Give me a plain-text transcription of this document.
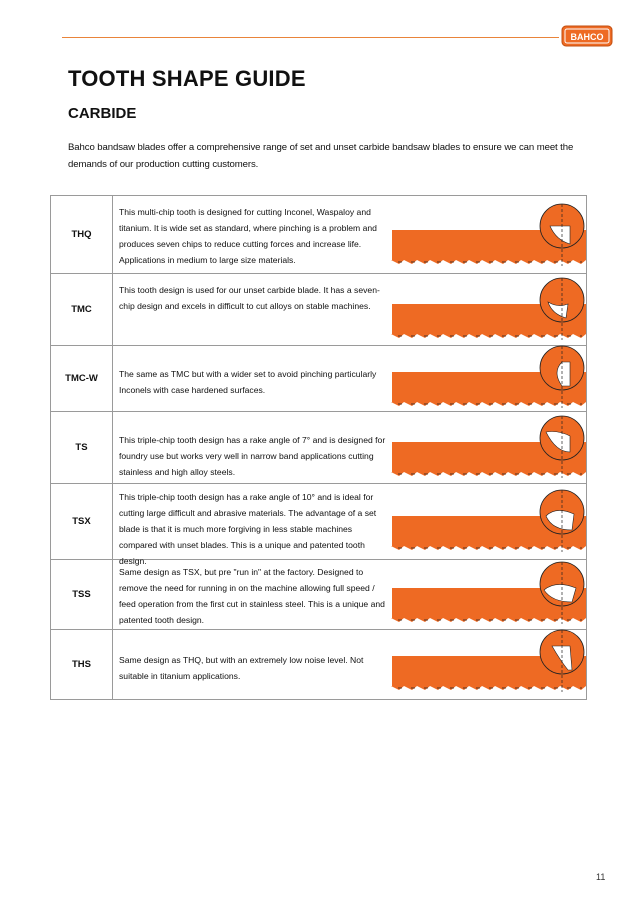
BAHCO
TOOTH SHAPE GUIDE
CARBIDE

Bahco bandsaw blades offer a comprehensive range of set and unset carbide bandsaw blades to ensure we can meet the demands of our production cutting customers.

THQ
This multi-chip tooth is designed for cutting Inconel, Waspaloy and titanium. It is wide set as standard, where pinching is a problem and produces seven chips to reduce cutting forces and increase life. Applications in medium to large size materials.
TMC
This tooth design is used for our unset carbide blade. It has a seven-chip design and excels in difficult to cut alloys on stable machines.
TMC-W	The same as TMC but with a wider set to avoid pinching particularly Inconels with case hardened surfaces.
TS
This triple-chip tooth design has a rake angle of 7° and is designed for foundry use but works very well in narrow band applications cutting stainless and high alloy steels.
TSX
This triple-chip tooth design has a rake angle of 10° and is ideal for cutting large difficult and abrasive materials. The advantage of a set blade is that it is much more forgiving in less stable machines compared with unset blades. This is a unique and patented tooth design.
TSS
Same design as TSX, but pre "run in" at the factory. Designed to remove the need for running in on the machine allowing full speed / feed operation from the first cut in stainless steel. This is a unique and patented tooth design.
THS	Same design as THQ, but with an extremely low noise level. Not suitable in titanium applications.
11
